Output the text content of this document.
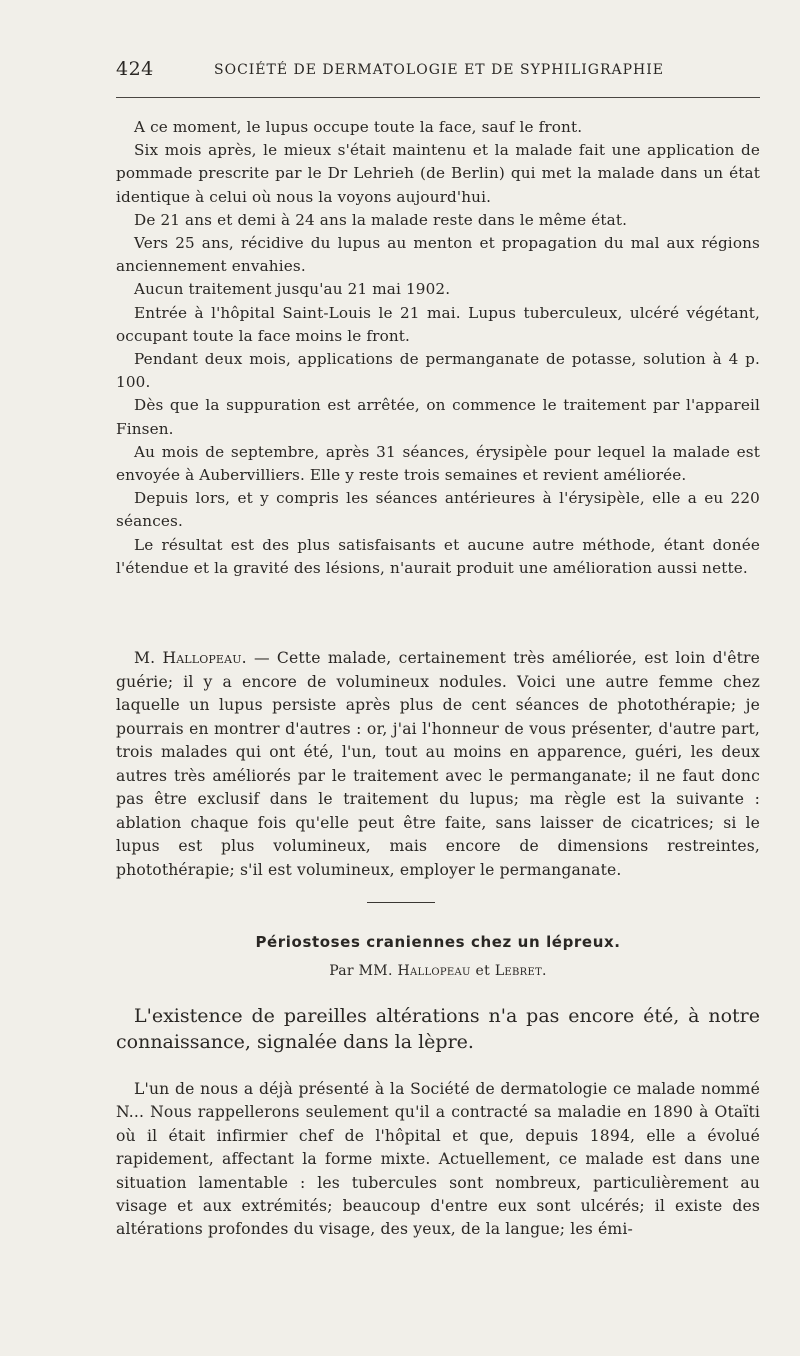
424	SOCIÉTÉ DE DERMATOLOGIE ET DE SYPHILIGRAPHIE

A ce moment, le lupus occupe toute la face, sauf le front.

Six mois après, le mieux s'était maintenu et la malade fait une application de pommade prescrite par le Dr Lehrieh (de Berlin) qui met la malade dans un état identique à celui où nous la voyons aujourd'hui.

De 21 ans et demi à 24 ans la malade reste dans le même état.

Vers 25 ans, récidive du lupus au menton et propagation du mal aux régions anciennement envahies.

Aucun traitement jusqu'au 21 mai 1902.

Entrée à l'hôpital Saint-Louis le 21 mai. Lupus tuberculeux, ulcéré végétant, occupant toute la face moins le front.

Pendant deux mois, applications de permanganate de potasse, solution à 4 p. 100.

Dès que la suppuration est arrêtée, on commence le traitement par l'appareil Finsen.

Au mois de septembre, après 31 séances, érysipèle pour lequel la malade est envoyée à Aubervilliers. Elle y reste trois semaines et revient améliorée.

Depuis lors, et y compris les séances antérieures à l'érysipèle, elle a eu 220 séances.

Le résultat est des plus satisfaisants et aucune autre méthode, étant donée l'étendue et la gravité des lésions, n'aurait produit une amélioration aussi nette.

M. Hallopeau. — Cette malade, certainement très améliorée, est loin d'être guérie; il y a encore de volumineux nodules. Voici une autre femme chez laquelle un lupus persiste après plus de cent séances de photothérapie; je pourrais en montrer d'autres : or, j'ai l'honneur de vous présenter, d'autre part, trois malades qui ont été, l'un, tout au moins en apparence, guéri, les deux autres très améliorés par le traitement avec le permanganate; il ne faut donc pas être exclusif dans le traitement du lupus; ma règle est la suivante : ablation chaque fois qu'elle peut être faite, sans laisser de cicatrices; si le lupus est plus volumineux, mais encore de dimensions restreintes, photothérapie; s'il est volumineux, employer le permanganate.

Périostoses craniennes chez un lépreux.
Par MM. Hallopeau et Lebret.

L'existence de pareilles altérations n'a pas encore été, à notre connaissance, signalée dans la lèpre.

L'un de nous a déjà présenté à la Société de dermatologie ce malade nommé N... Nous rappellerons seulement qu'il a contracté sa maladie en 1890 à Otaïti où il était infirmier chef de l'hôpital et que, depuis 1894, elle a évolué rapidement, affectant la forme mixte. Actuellement, ce malade est dans une situation lamentable : les tubercules sont nombreux, particulièrement au visage et aux extrémités; beaucoup d'entre eux sont ulcérés; il existe des altérations profondes du visage, des yeux, de la langue; les émi-
